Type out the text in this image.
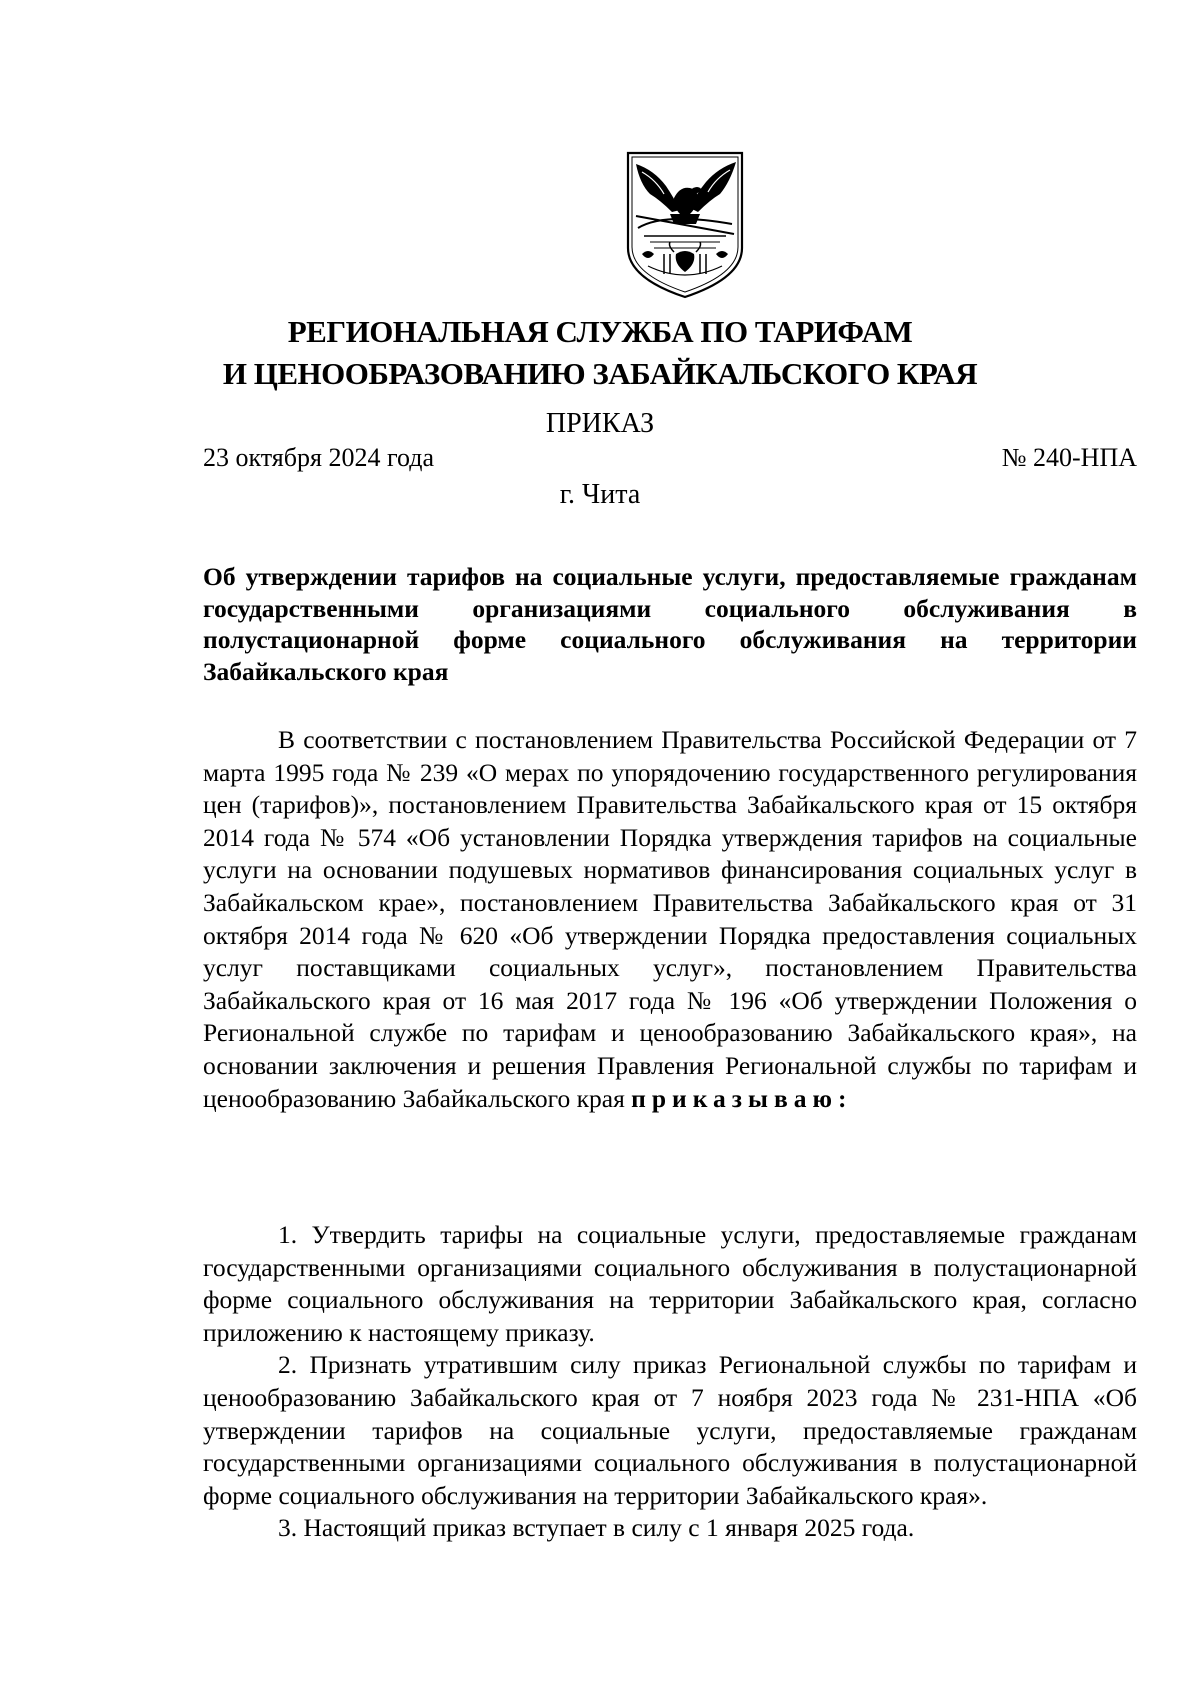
РЕГИОНАЛЬНАЯ СЛУЖБА ПО ТАРИФАМ
И ЦЕНООБРАЗОВАНИЮ ЗАБАЙКАЛЬСКОГО КРАЯ
ПРИКАЗ
23 октября 2024 года	№ 240-НПА
г. Чита
Об утверждении тарифов на социальные услуги, предоставляемые гражданам государственными организациями социального обслуживания в полустационарной форме социального обслуживания на территории Забайкальского края
В соответствии с постановлением Правительства Российской Федерации от 7 марта 1995 года № 239 «О мерах по упорядочению государственного регулирования цен (тарифов)», постановлением Правительства Забайкальского края от 15 октября 2014 года № 574 «Об установлении Порядка утверждения тарифов на социальные услуги на основании подушевых нормативов финансирования социальных услуг в Забайкальском крае», постановлением Правительства Забайкальского края от 31 октября 2014 года № 620 «Об утверждении Порядка предоставления социальных услуг поставщиками социальных услуг», постановлением Правительства Забайкальского края от 16 мая 2017 года № 196 «Об утверждении Положения о Региональной службе по тарифам и ценообразованию Забайкальского края», на основании заключения и решения Правления Региональной службы по тарифам и ценообразованию Забайкальского края приказываю:

1. Утвердить тарифы на социальные услуги, предоставляемые гражданам государственными организациями социального обслуживания в полустационарной форме социального обслуживания на территории Забайкальского края, согласно приложению к настоящему приказу.

2. Признать утратившим силу приказ Региональной службы по тарифам и ценообразованию Забайкальского края от 7 ноября 2023 года № 231-НПА «Об утверждении тарифов на социальные услуги, предоставляемые гражданам государственными организациями социального обслуживания в полустационарной форме социального обслуживания на территории Забайкальского края».

3. Настоящий приказ вступает в силу с 1 января 2025 года.
